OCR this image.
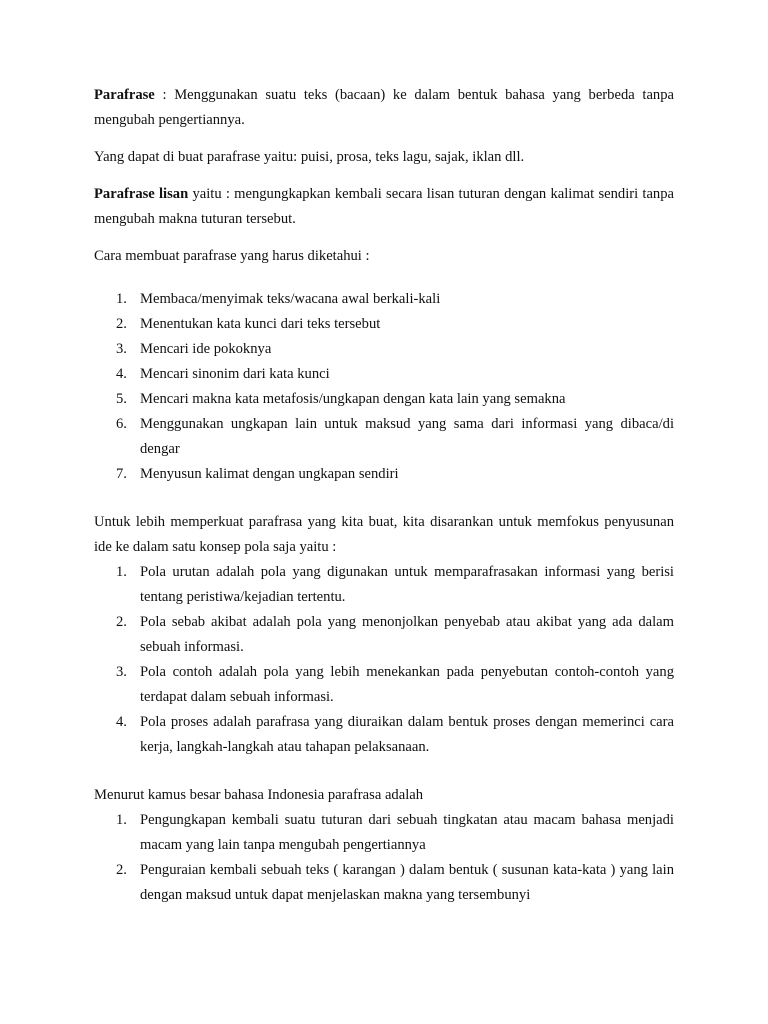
Parafrase : Menggunakan suatu teks (bacaan) ke dalam bentuk bahasa yang berbeda tanpa mengubah pengertiannya.

Yang dapat di buat parafrase yaitu: puisi, prosa, teks lagu, sajak, iklan dll.

Parafrase lisan yaitu : mengungkapkan kembali secara lisan tuturan dengan kalimat sendiri tanpa mengubah makna tuturan tersebut.

Cara membuat parafrase yang harus diketahui :

1. Membaca/menyimak teks/wacana awal berkali-kali
2. Menentukan kata kunci dari teks tersebut
3. Mencari ide pokoknya
4. Mencari sinonim dari kata kunci
5. Mencari makna kata metafosis/ungkapan dengan kata lain yang semakna
6. Menggunakan ungkapan lain untuk maksud yang sama dari informasi yang dibaca/di dengar
7. Menyusun kalimat dengan ungkapan sendiri

Untuk lebih memperkuat parafrasa yang kita buat, kita disarankan untuk memfokus penyusunan ide ke dalam satu konsep pola saja yaitu :

1. Pola urutan adalah pola yang digunakan untuk memparafrasakan informasi yang berisi tentang peristiwa/kejadian tertentu.
2. Pola sebab akibat adalah pola yang menonjolkan penyebab atau akibat yang ada dalam sebuah informasi.
3. Pola contoh adalah pola yang lebih menekankan pada penyebutan contoh-contoh yang terdapat dalam sebuah informasi.
4. Pola proses adalah parafrasa yang diuraikan dalam bentuk proses dengan memerinci cara kerja, langkah-langkah atau tahapan pelaksanaan.

Menurut kamus besar bahasa Indonesia parafrasa adalah

1. Pengungkapan kembali suatu tuturan dari sebuah tingkatan atau macam bahasa menjadi macam yang lain tanpa mengubah pengertiannya
2. Penguraian kembali sebuah teks ( karangan ) dalam bentuk ( susunan kata-kata ) yang lain dengan maksud untuk dapat menjelaskan makna yang tersembunyi
